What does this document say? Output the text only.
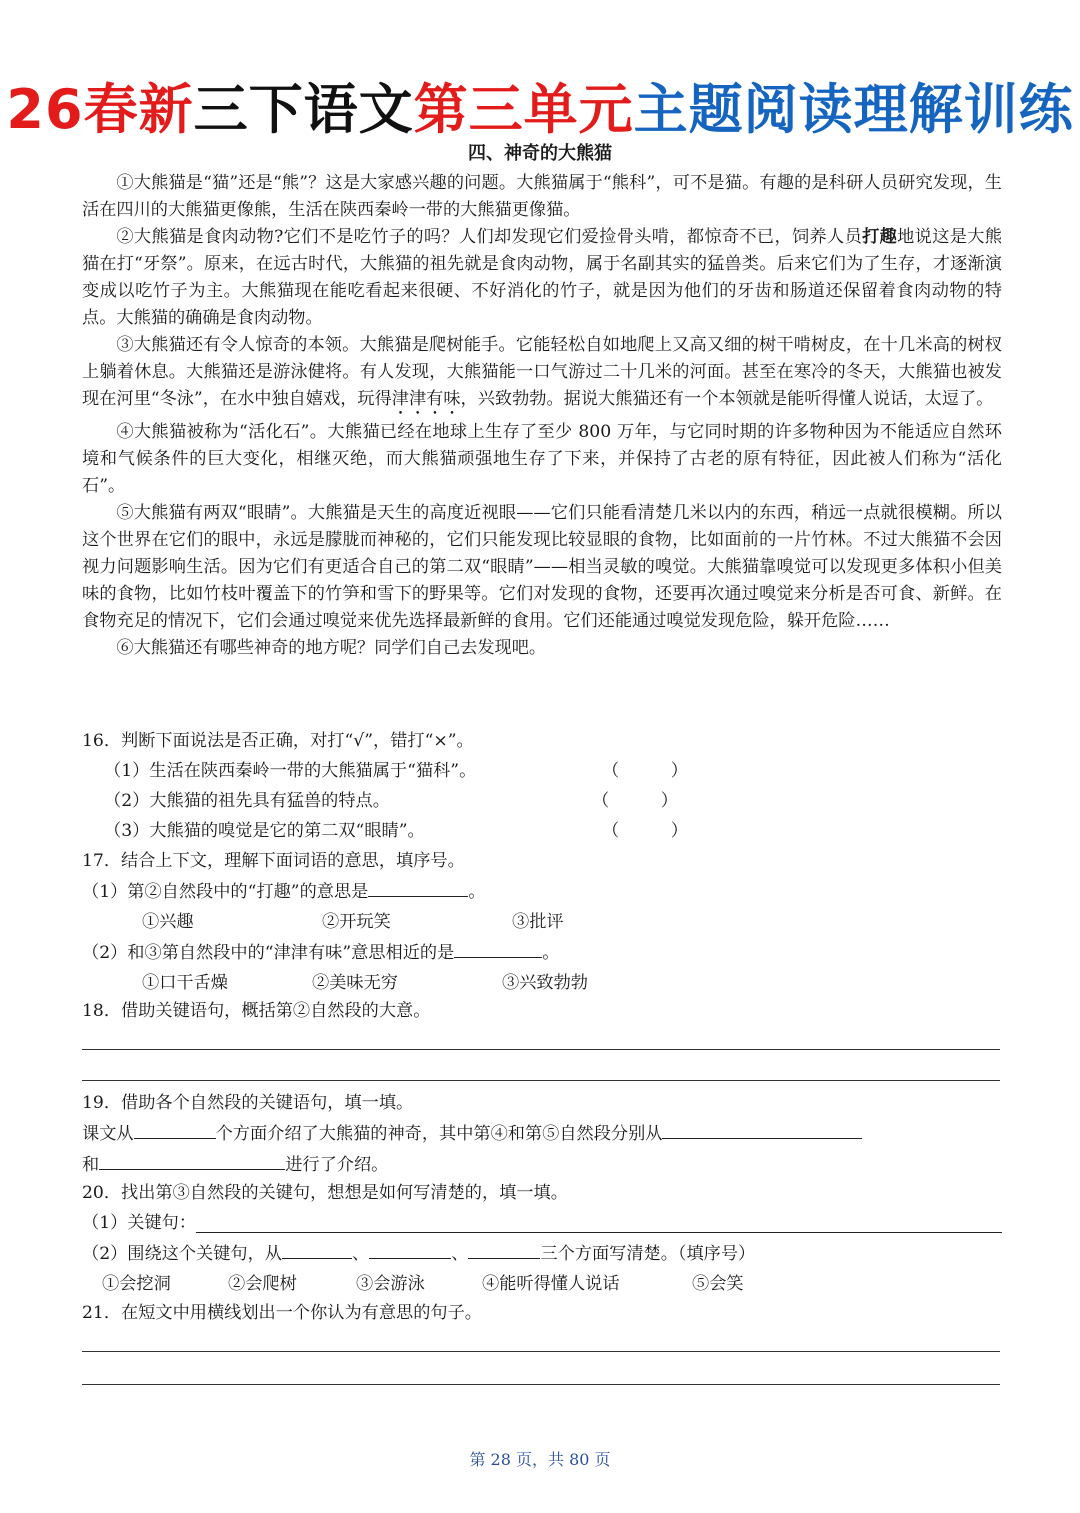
26春新三下语文第三单元主题阅读理解训练
四、神奇的大熊猫

①大熊猫是“猫”还是“熊”？这是大家感兴趣的问题。大熊猫属于“熊科”，可不是猫。有趣的是科研人员研究发现，生活在四川的大熊猫更像熊，生活在陕西秦岭一带的大熊猫更像猫。

②大熊猫是食肉动物?它们不是吃竹子的吗？人们却发现它们爱捡骨头啃，都惊奇不已，饲养人员打趣地说这是大熊猫在打“牙祭”。原来，在远古时代，大熊猫的祖先就是食肉动物，属于名副其实的猛兽类。后来它们为了生存，才逐渐演变成以吃竹子为主。大熊猫现在能吃看起来很硬、不好消化的竹子，就是因为他们的牙齿和肠道还保留着食肉动物的特点。大熊猫的确确是食肉动物。

③大熊猫还有令人惊奇的本领。大熊猫是爬树能手。它能轻松自如地爬上又高又细的树干啃树皮，在十几米高的树杈上躺着休息。大熊猫还是游泳健将。有人发现，大熊猫能一口气游过二十几米的河面。甚至在寒冷的冬天，大熊猫也被发现在河里“冬泳”，在水中独自嬉戏，玩得津津有味，兴致勃勃。据说大熊猫还有一个本领就是能听得懂人说话，太逗了。

④大熊猫被称为“活化石”。大熊猫已经在地球上生存了至少 800 万年，与它同时期的许多物种因为不能适应自然环境和气候条件的巨大变化，相继灭绝，而大熊猫顽强地生存了下来，并保持了古老的原有特征，因此被人们称为“活化石”。

⑤大熊猫有两双“眼睛”。大熊猫是天生的高度近视眼——它们只能看清楚几米以内的东西，稍远一点就很模糊。所以这个世界在它们的眼中，永远是朦胧而神秘的，它们只能发现比较显眼的食物，比如面前的一片竹林。不过大熊猫不会因视力问题影响生活。因为它们有更适合自己的第二双“眼睛”——相当灵敏的嗅觉。大熊猫靠嗅觉可以发现更多体积小但美味的食物，比如竹枝叶覆盖下的竹笋和雪下的野果等。它们对发现的食物，还要再次通过嗅觉来分析是否可食、新鲜。在食物充足的情况下，它们会通过嗅觉来优先选择最新鲜的食用。它们还能通过嗅觉发现危险，躲开危险……

⑥大熊猫还有哪些神奇的地方呢？同学们自己去发现吧。

16．判断下面说法是否正确，对打“√”，错打“×”。

（1）生活在陕西秦岭一带的大熊猫属于“猫科”。	（　　　）

（2）大熊猫的祖先具有猛兽的特点。	（　　　）

（3）大熊猫的嗅觉是它的第二双“眼睛”。	（　　　）

17．结合上下文，理解下面词语的意思，填序号。

（1）第②自然段中的“打趣”的意思是	。

①兴趣	②开玩笑	③批评

（2）和③第自然段中的“津津有味”意思相近的是	。

①口干舌燥	②美味无穷	③兴致勃勃

18．借助关键语句，概括第②自然段的大意。

19．借助各个自然段的关键语句，填一填。

课文从	个方面介绍了大熊猫的神奇，其中第④和第⑤自然段分别从

和	进行了介绍。

20．找出第③自然段的关键句，想想是如何写清楚的，填一填。

（1）关键句：

（2）围绕这个关键句，从	、	、	三个方面写清楚。（填序号）

①会挖洞	②会爬树	③会游泳	④能听得懂人说话	⑤会笑

21．在短文中用横线划出一个你认为有意思的句子。

第 28 页，共 80 页
